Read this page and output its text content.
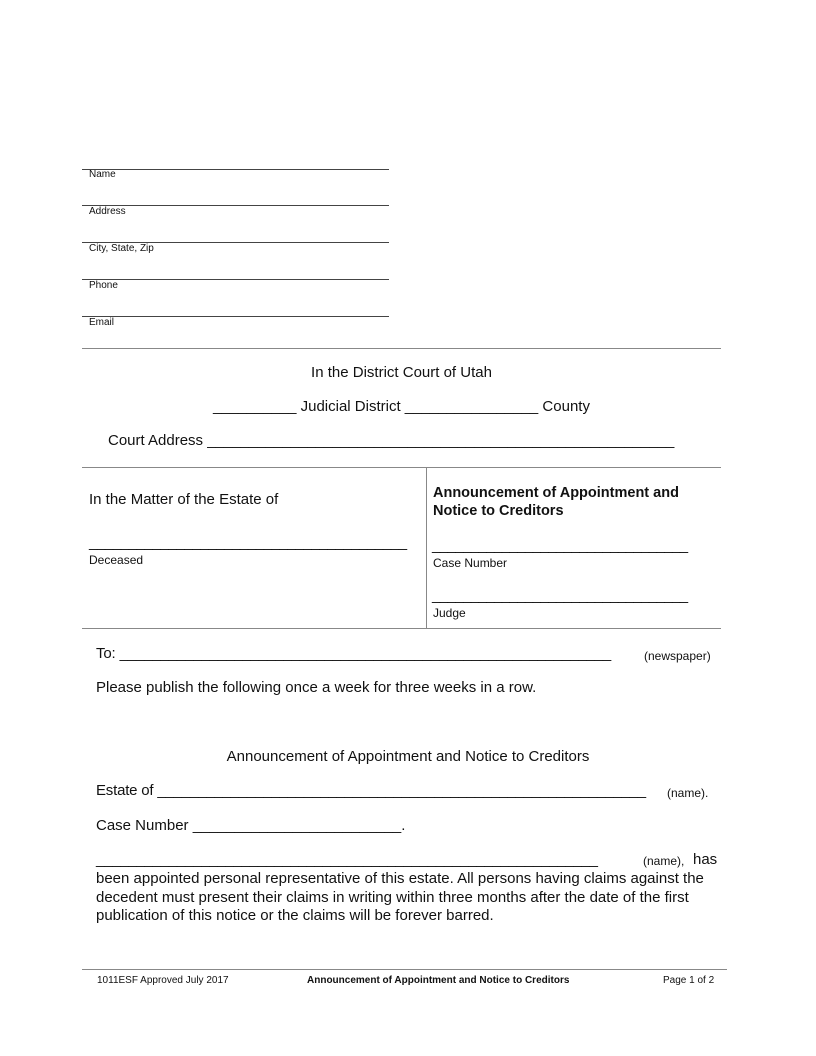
Name
Address
City, State, Zip
Phone
Email
In the District Court of Utah
__________ Judicial District ________________ County
Court Address ________________________________________________________
In the Matter of the Estate of
________________________________________
Deceased
Announcement of Appointment and Notice to Creditors
_________________________________
Case Number
_________________________________
Judge
To: ____________________________________________________________	(newspaper)
Please publish the following once a week for three weeks in a row.
Announcement of Appointment and Notice to Creditors
Estate of ____________________________________________________________ (name).
Case Number _________________________.
______________________________________________________________	(name), has
been appointed personal representative of this estate. All persons having claims against the decedent must present their claims in writing within three months after the date of the first publication of this notice or the claims will be forever barred.
1011ESF Approved July 2017	Announcement of Appointment and Notice to Creditors	Page 1 of 2
